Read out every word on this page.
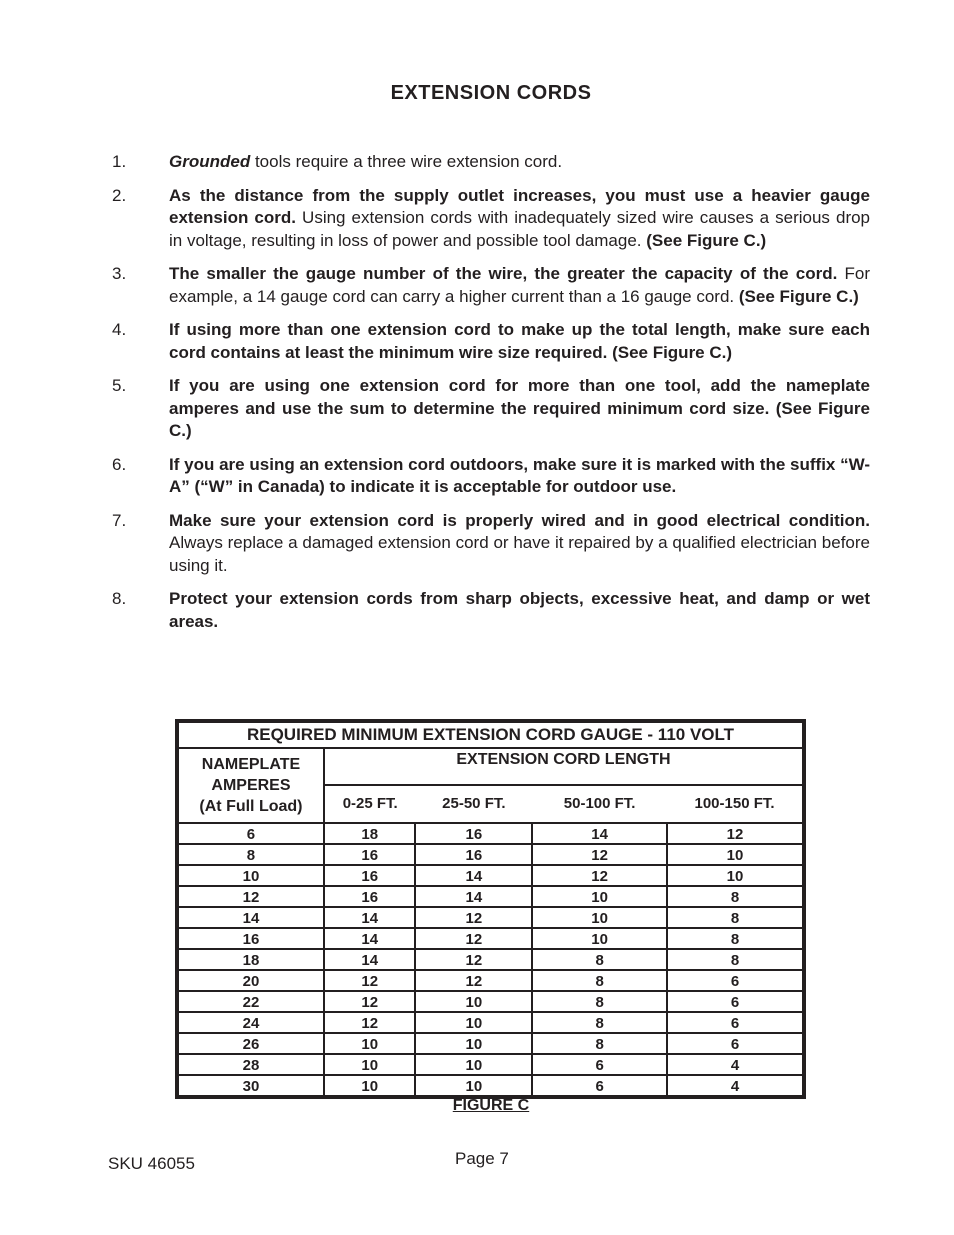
EXTENSION CORDS
1.	Grounded tools require a three wire extension cord.
2.	As the distance from the supply outlet increases, you must use a heavier gauge extension cord. Using extension cords with inadequately sized wire causes a serious drop in voltage, resulting in loss of power and possible tool damage. (See Figure C.)
3.	The smaller the gauge number of the wire, the greater the capacity of the cord. For example, a 14 gauge cord can carry a higher current than a 16 gauge cord. (See Figure C.)
4.	If using more than one extension cord to make up the total length, make sure each cord contains at least the minimum wire size required. (See Figure C.)
5.	If you are using one extension cord for more than one tool, add the nameplate amperes and use the sum to determine the required minimum cord size. (See Figure C.)
6.	If you are using an extension cord outdoors, make sure it is marked with the suffix “W-A” (“W” in Canada) to indicate it is acceptable for outdoor use.
7.	Make sure your extension cord is properly wired and in good electrical condition. Always replace a damaged extension cord or have it repaired by a qualified electrician before using it.
8.	Protect your extension cords from sharp objects, excessive heat, and damp or wet areas.
REQUIRED MINIMUM EXTENSION CORD GAUGE - 110 VOLT				

NAMEPLATE
AMPERES
(At Full Load)	EXTENSION CORD LENGTH			
	0-25 FT.	25-50 FT.	50-100 FT.	100-150 FT.
6	18	16	14	12
8	16	16	12	10
10	16	14	12	10
12	16	14	10	8
14	14	12	10	8
16	14	12	10	8
18	14	12	8	8
20	12	12	8	6
22	12	10	8	6
24	12	10	8	6
26	10	10	8	6
28	10	10	6	4
30	10	10	6	4
FIGURE C
SKU 46055	Page 7
